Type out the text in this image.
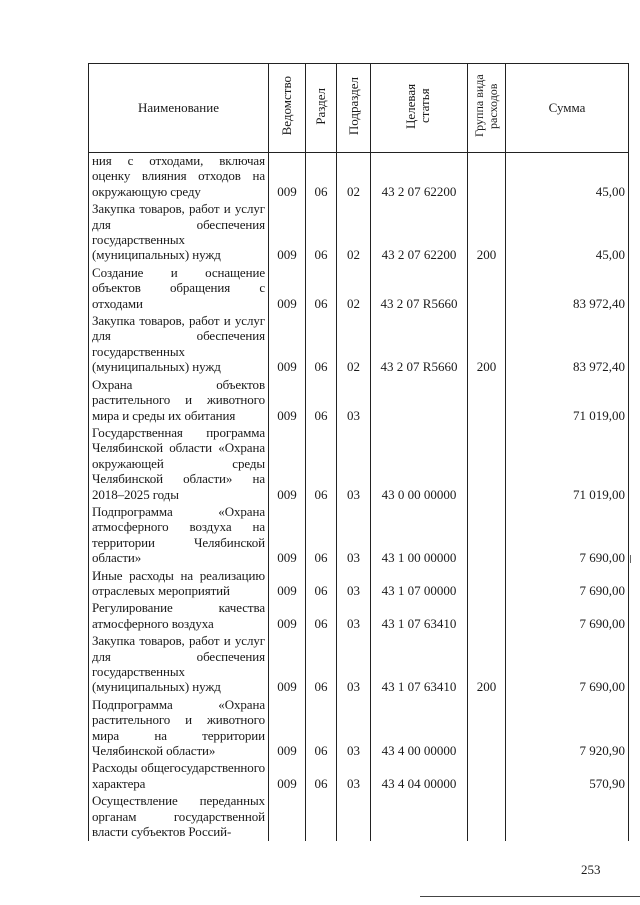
Наименование	Ведомство	Раздел	Подраздел	Целевая статья	Группа вида расходов	Сумма
ния с отходами, включая оценку влияния отходов на окружающую среду	009	06	02	43 2 07 62200		45,00
Закупка товаров, работ и услуг для обеспечения государственных (муниципальных) нужд	009	06	02	43 2 07 62200	200	45,00
Создание и оснащение объектов обращения с отходами	009	06	02	43 2 07 R5660		83 972,40
Закупка товаров, работ и услуг для обеспечения государственных (муниципальных) нужд	009	06	02	43 2 07 R5660	200	83 972,40
Охрана объектов растительного и животного мира и среды их обитания	009	06	03			71 019,00
Государственная программа Челябинской области «Охрана окружающей среды Челябинской области» на 2018–2025 годы	009	06	03	43 0 00 00000		71 019,00
Подпрограмма «Охрана атмосферного воздуха на территории Челябинской области»	009	06	03	43 1 00 00000		7 690,00
Иные расходы на реализацию отраслевых мероприятий	009	06	03	43 1 07 00000		7 690,00
Регулирование качества атмосферного воздуха	009	06	03	43 1 07 63410		7 690,00
Закупка товаров, работ и услуг для обеспечения государственных (муниципальных) нужд	009	06	03	43 1 07 63410	200	7 690,00
Подпрограмма «Охрана растительного и животного мира на территории Челябинской области»	009	06	03	43 4 00 00000		7 920,90
Расходы общегосударственного характера	009	06	03	43 4 04 00000		570,90
Осуществление переданных органам государственной власти субъектов Россий-						
253
